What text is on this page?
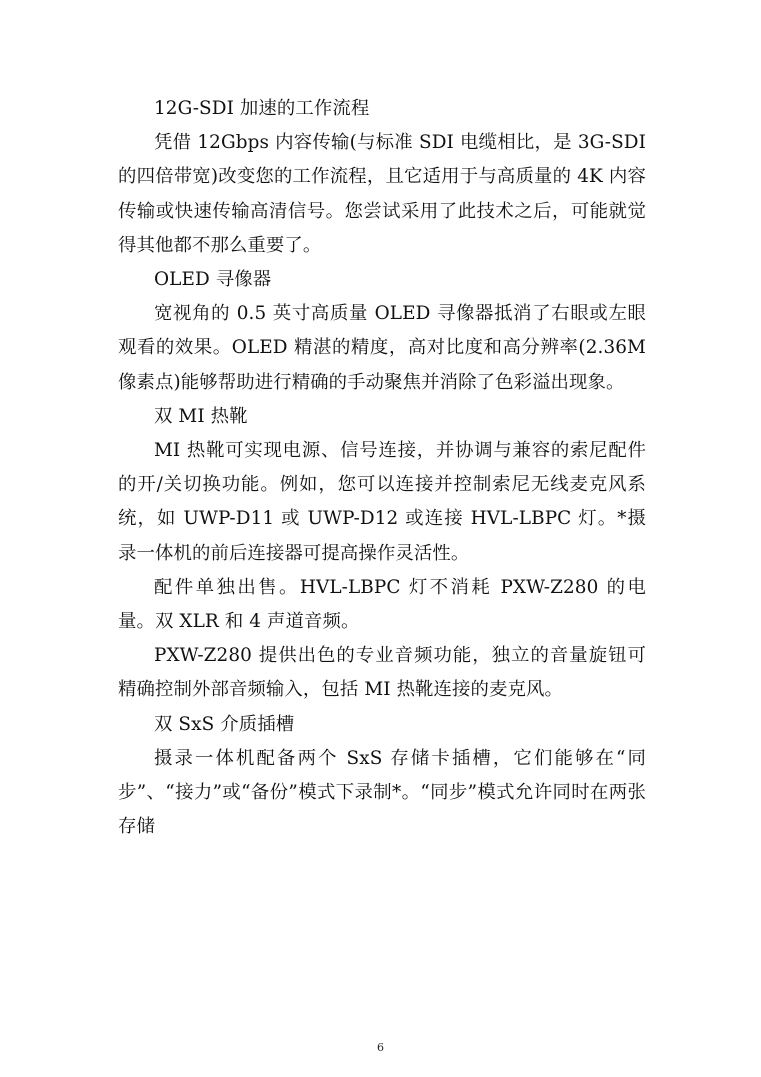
12G-SDI 加速的工作流程

凭借 12Gbps 内容传输(与标准 SDI 电缆相比，是 3G-SDI 的四倍带宽)改变您的工作流程，且它适用于与高质量的 4K 内容传输或快速传输高清信号。您尝试采用了此技术之后，可能就觉得其他都不那么重要了。

OLED 寻像器

宽视角的 0.5 英寸高质量 OLED 寻像器抵消了右眼或左眼观看的效果。OLED 精湛的精度，高对比度和高分辨率(2.36M 像素点)能够帮助进行精确的手动聚焦并消除了色彩溢出现象。

双 MI 热靴

MI 热靴可实现电源、信号连接，并协调与兼容的索尼配件的开/关切换功能。例如，您可以连接并控制索尼无线麦克风系统，如 UWP-D11 或 UWP-D12 或连接 HVL-LBPC 灯。*摄录一体机的前后连接器可提高操作灵活性。

配件单独出售。HVL-LBPC 灯不消耗 PXW-Z280 的电量。双 XLR 和 4 声道音频。

PXW-Z280 提供出色的专业音频功能，独立的音量旋钮可精确控制外部音频输入，包括 MI 热靴连接的麦克风。

双 SxS 介质插槽

摄录一体机配备两个 SxS 存储卡插槽，它们能够在“同步”、“接力”或“备份”模式下录制*。“同步”模式允许同时在两张存储

6
